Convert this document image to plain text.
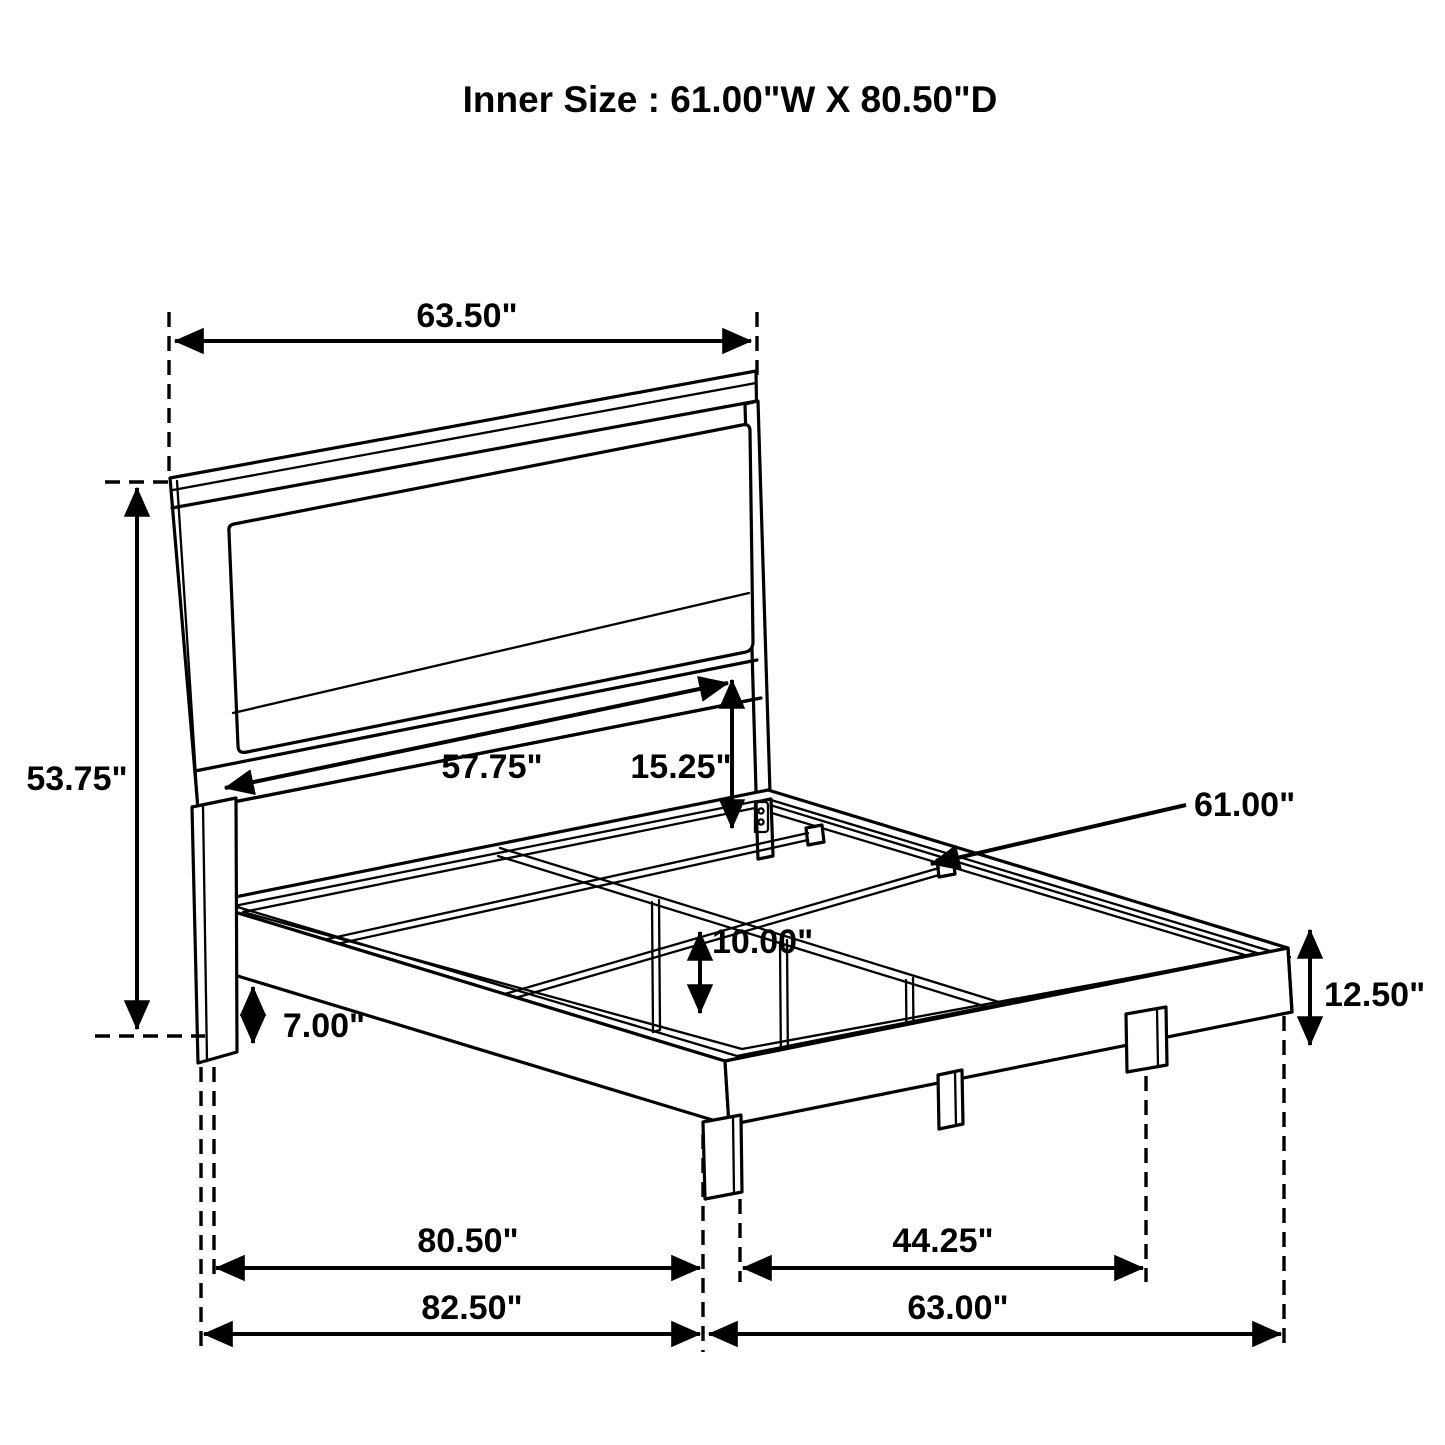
63.50"
53.75"	57.75"	15.25"
61.00"
10.00"
7.00"
12.50"
80.50"	44.25"
82.50"	63.00"
Inner Size : 61.00"W X 80.50"D
